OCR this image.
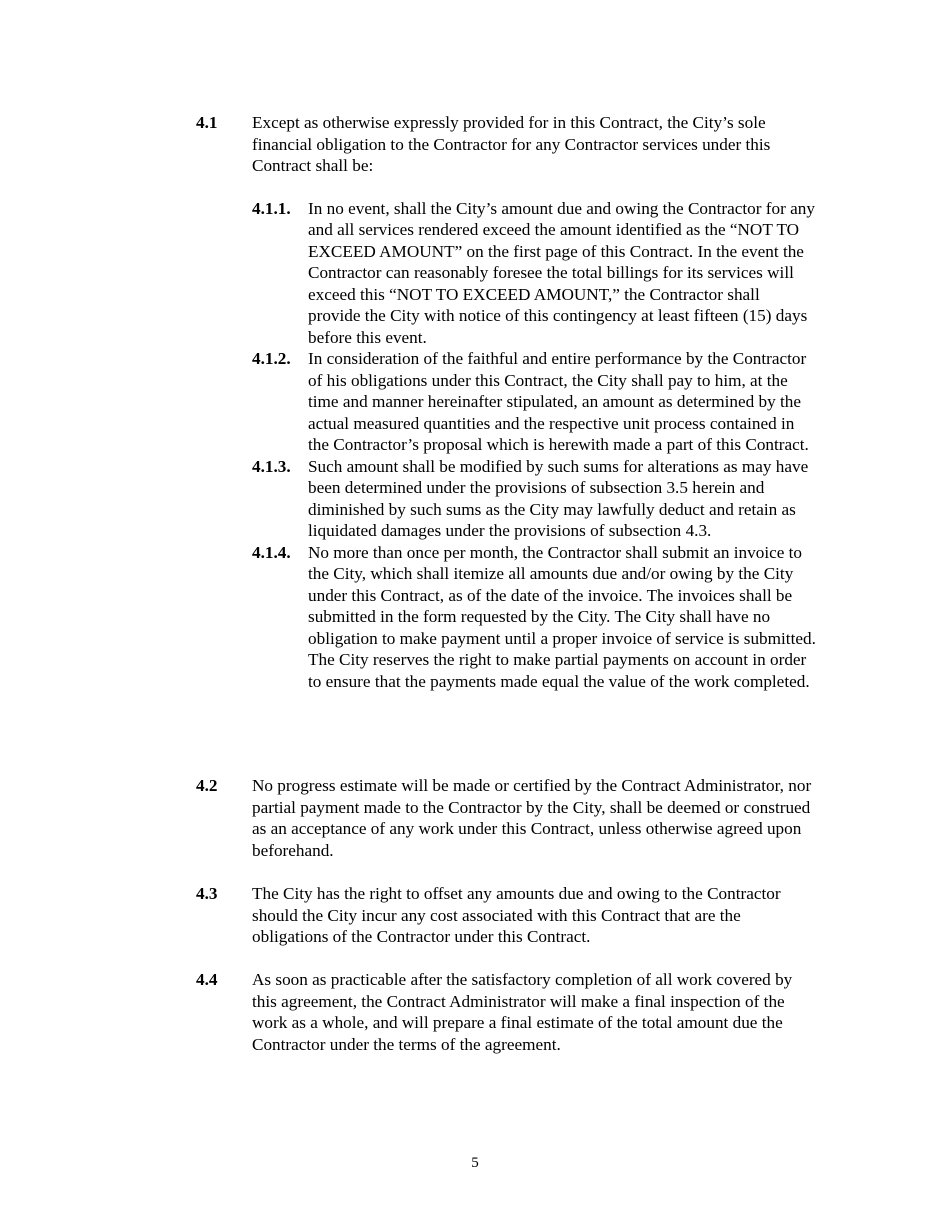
4.1 Except as otherwise expressly provided for in this Contract, the City’s sole financial obligation to the Contractor for any Contractor services under this Contract shall be:
4.1.1. In no event, shall the City’s amount due and owing the Contractor for any and all services rendered exceed the amount identified as the “NOT TO EXCEED AMOUNT” on the first page of this Contract. In the event the Contractor can reasonably foresee the total billings for its services will exceed this “NOT TO EXCEED AMOUNT,” the Contractor shall provide the City with notice of this contingency at least fifteen (15) days before this event.
4.1.2. In consideration of the faithful and entire performance by the Contractor of his obligations under this Contract, the City shall pay to him, at the time and manner hereinafter stipulated, an amount as determined by the actual measured quantities and the respective unit process contained in the Contractor’s proposal which is herewith made a part of this Contract.
4.1.3. Such amount shall be modified by such sums for alterations as may have been determined under the provisions of subsection 3.5 herein and diminished by such sums as the City may lawfully deduct and retain as liquidated damages under the provisions of subsection 4.3.
4.1.4. No more than once per month, the Contractor shall submit an invoice to the City, which shall itemize all amounts due and/or owing by the City under this Contract, as of the date of the invoice. The invoices shall be submitted in the form requested by the City. The City shall have no obligation to make payment until a proper invoice of service is submitted. The City reserves the right to make partial payments on account in order to ensure that the payments made equal the value of the work completed.
4.2 No progress estimate will be made or certified by the Contract Administrator, nor partial payment made to the Contractor by the City, shall be deemed or construed as an acceptance of any work under this Contract, unless otherwise agreed upon beforehand.
4.3 The City has the right to offset any amounts due and owing to the Contractor should the City incur any cost associated with this Contract that are the obligations of the Contractor under this Contract.
4.4 As soon as practicable after the satisfactory completion of all work covered by this agreement, the Contract Administrator will make a final inspection of the work as a whole, and will prepare a final estimate of the total amount due the Contractor under the terms of the agreement.
5
